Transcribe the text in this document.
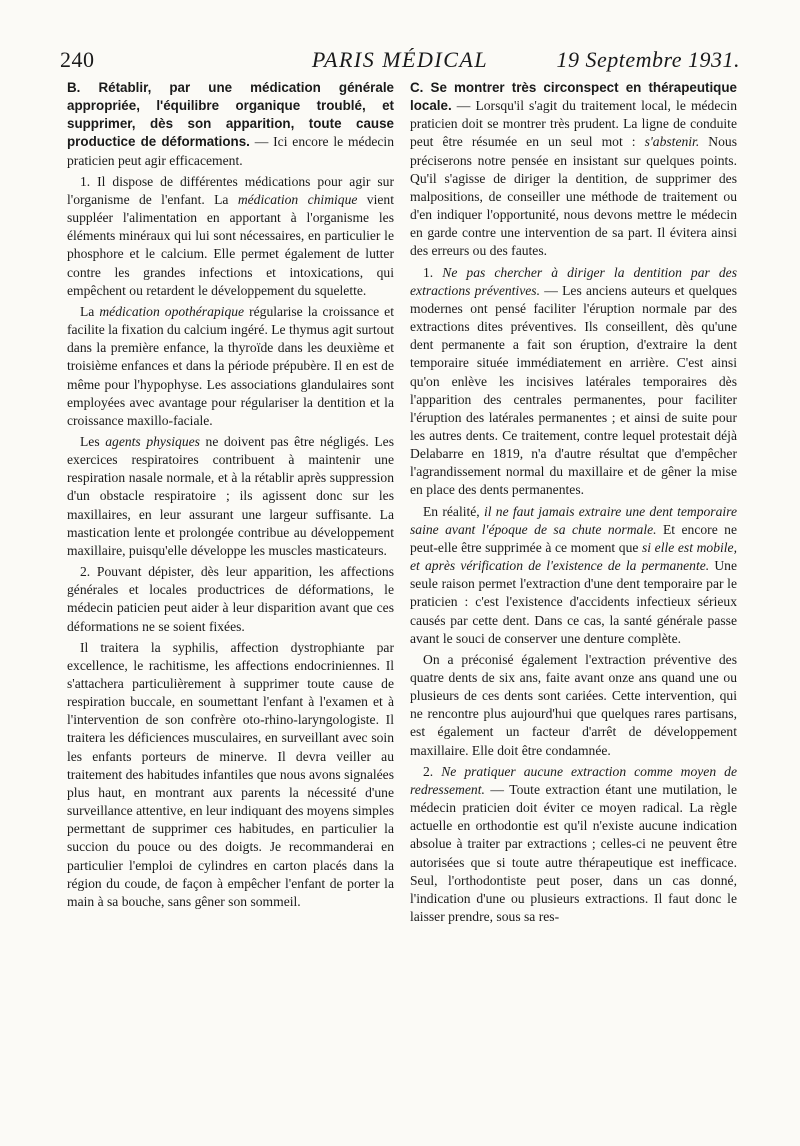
240	PARIS MÉDICAL	19 Septembre 1931.

B. Rétablir, par une médication générale appropriée, l'équilibre organique troublé, et supprimer, dès son apparition, toute cause productice de déformations. — Ici encore le médecin praticien peut agir efficacement.

1. Il dispose de différentes médications pour agir sur l'organisme de l'enfant. La médication chimique vient suppléer l'alimentation en apportant à l'organisme les éléments minéraux qui lui sont nécessaires, en particulier le phosphore et le calcium. Elle permet également de lutter contre les grandes infections et intoxications, qui empêchent ou retardent le développement du squelette.

La médication opothérapique régularise la croissance et facilite la fixation du calcium ingéré. Le thymus agit surtout dans la première enfance, la thyroïde dans les deuxième et troisième enfances et dans la période prépubère. Il en est de même pour l'hypophyse. Les associations glandulaires sont employées avec avantage pour régulariser la dentition et la croissance maxillo-faciale.

Les agents physiques ne doivent pas être négligés. Les exercices respiratoires contribuent à maintenir une respiration nasale normale, et à la rétablir après suppression d'un obstacle respiratoire ; ils agissent donc sur les maxillaires, en leur assurant une largeur suffisante. La mastication lente et prolongée contribue au développement maxillaire, puisqu'elle développe les muscles masticateurs.

2. Pouvant dépister, dès leur apparition, les affections générales et locales productrices de déformations, le médecin paticien peut aider à leur disparition avant que ces déformations ne se soient fixées.

Il traitera la syphilis, affection dystrophiante par excellence, le rachitisme, les affections endocriniennes. Il s'attachera particulièrement à supprimer toute cause de respiration buccale, en soumettant l'enfant à l'examen et à l'intervention de son confrère oto-rhino-laryngologiste. Il traitera les déficiences musculaires, en surveillant avec soin les enfants porteurs de minerve. Il devra veiller au traitement des habitudes infantiles que nous avons signalées plus haut, en montrant aux parents la nécessité d'une surveillance attentive, en leur indiquant des moyens simples permettant de supprimer ces habitudes, en particulier la succion du pouce ou des doigts. Je recommanderai en particulier l'emploi de cylindres en carton placés dans la région du coude, de façon à empêcher l'enfant de porter la main à sa bouche, sans gêner son sommeil.

C. Se montrer très circonspect en thérapeutique locale. — Lorsqu'il s'agit du traitement local, le médecin praticien doit se montrer très prudent. La ligne de conduite peut être résumée en un seul mot : s'abstenir. Nous préciserons notre pensée en insistant sur quelques points. Qu'il s'agisse de diriger la dentition, de supprimer des malpositions, de conseiller une méthode de traitement ou d'en indiquer l'opportunité, nous devons mettre le médecin en garde contre une intervention de sa part. Il évitera ainsi des erreurs ou des fautes.

1. Ne pas chercher à diriger la dentition par des extractions préventives. — Les anciens auteurs et quelques modernes ont pensé faciliter l'éruption normale par des extractions dites préventives. Ils conseillent, dès qu'une dent permanente a fait son éruption, d'extraire la dent temporaire située immédiatement en arrière. C'est ainsi qu'on enlève les incisives latérales temporaires dès l'apparition des centrales permanentes, pour faciliter l'éruption des latérales permanentes ; et ainsi de suite pour les autres dents. Ce traitement, contre lequel protestait déjà Delabarre en 1819, n'a d'autre résultat que d'empêcher l'agrandissement normal du maxillaire et de gêner la mise en place des dents permanentes.

En réalité, il ne faut jamais extraire une dent temporaire saine avant l'époque de sa chute normale. Et encore ne peut-elle être supprimée à ce moment que si elle est mobile, et après vérification de l'existence de la permanente. Une seule raison permet l'extraction d'une dent temporaire par le praticien : c'est l'existence d'accidents infectieux sérieux causés par cette dent. Dans ce cas, la santé générale passe avant le souci de conserver une denture complète.

On a préconisé également l'extraction préventive des quatre dents de six ans, faite avant onze ans quand une ou plusieurs de ces dents sont cariées. Cette intervention, qui ne rencontre plus aujourd'hui que quelques rares partisans, est également un facteur d'arrêt de développement maxillaire. Elle doit être condamnée.

2. Ne pratiquer aucune extraction comme moyen de redressement. — Toute extraction étant une mutilation, le médecin praticien doit éviter ce moyen radical. La règle actuelle en orthodontie est qu'il n'existe aucune indication absolue à traiter par extractions ; celles-ci ne peuvent être autorisées que si toute autre thérapeutique est inefficace. Seul, l'orthodontiste peut poser, dans un cas donné, l'indication d'une ou plusieurs extractions. Il faut donc le laisser prendre, sous sa res-
